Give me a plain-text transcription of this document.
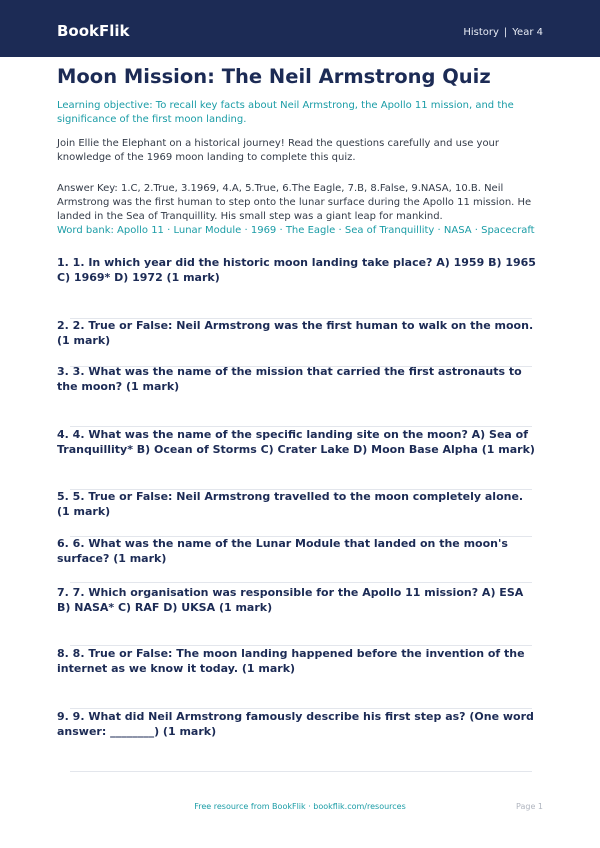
BookFlik	History | Year 4
Moon Mission: The Neil Armstrong Quiz
Learning objective: To recall key facts about Neil Armstrong, the Apollo 11 mission, and the significance of the first moon landing.
Join Ellie the Elephant on a historical journey! Read the questions carefully and use your knowledge of the 1969 moon landing to complete this quiz.
Answer Key: 1.C, 2.True, 3.1969, 4.A, 5.True, 6.The Eagle, 7.B, 8.False, 9.NASA, 10.B. Neil Armstrong was the first human to step onto the lunar surface during the Apollo 11 mission. He landed in the Sea of Tranquillity. His small step was a giant leap for mankind.
Word bank: Apollo 11 · Lunar Module · 1969 · The Eagle · Sea of Tranquillity · NASA · Spacecraft
1. 1. In which year did the historic moon landing take place? A) 1959 B) 1965 C) 1969* D) 1972 (1 mark)
2. 2. True or False: Neil Armstrong was the first human to walk on the moon. (1 mark)
3. 3. What was the name of the mission that carried the first astronauts to the moon? (1 mark)
4. 4. What was the name of the specific landing site on the moon? A) Sea of Tranquillity* B) Ocean of Storms C) Crater Lake D) Moon Base Alpha (1 mark)
5. 5. True or False: Neil Armstrong travelled to the moon completely alone. (1 mark)
6. 6. What was the name of the Lunar Module that landed on the moon's surface? (1 mark)
7. 7. Which organisation was responsible for the Apollo 11 mission? A) ESA B) NASA* C) RAF D) UKSA (1 mark)
8. 8. True or False: The moon landing happened before the invention of the internet as we know it today. (1 mark)
9. 9. What did Neil Armstrong famously describe his first step as? (One word answer: ________) (1 mark)
Free resource from BookFlik · bookflik.com/resources	Page 1
